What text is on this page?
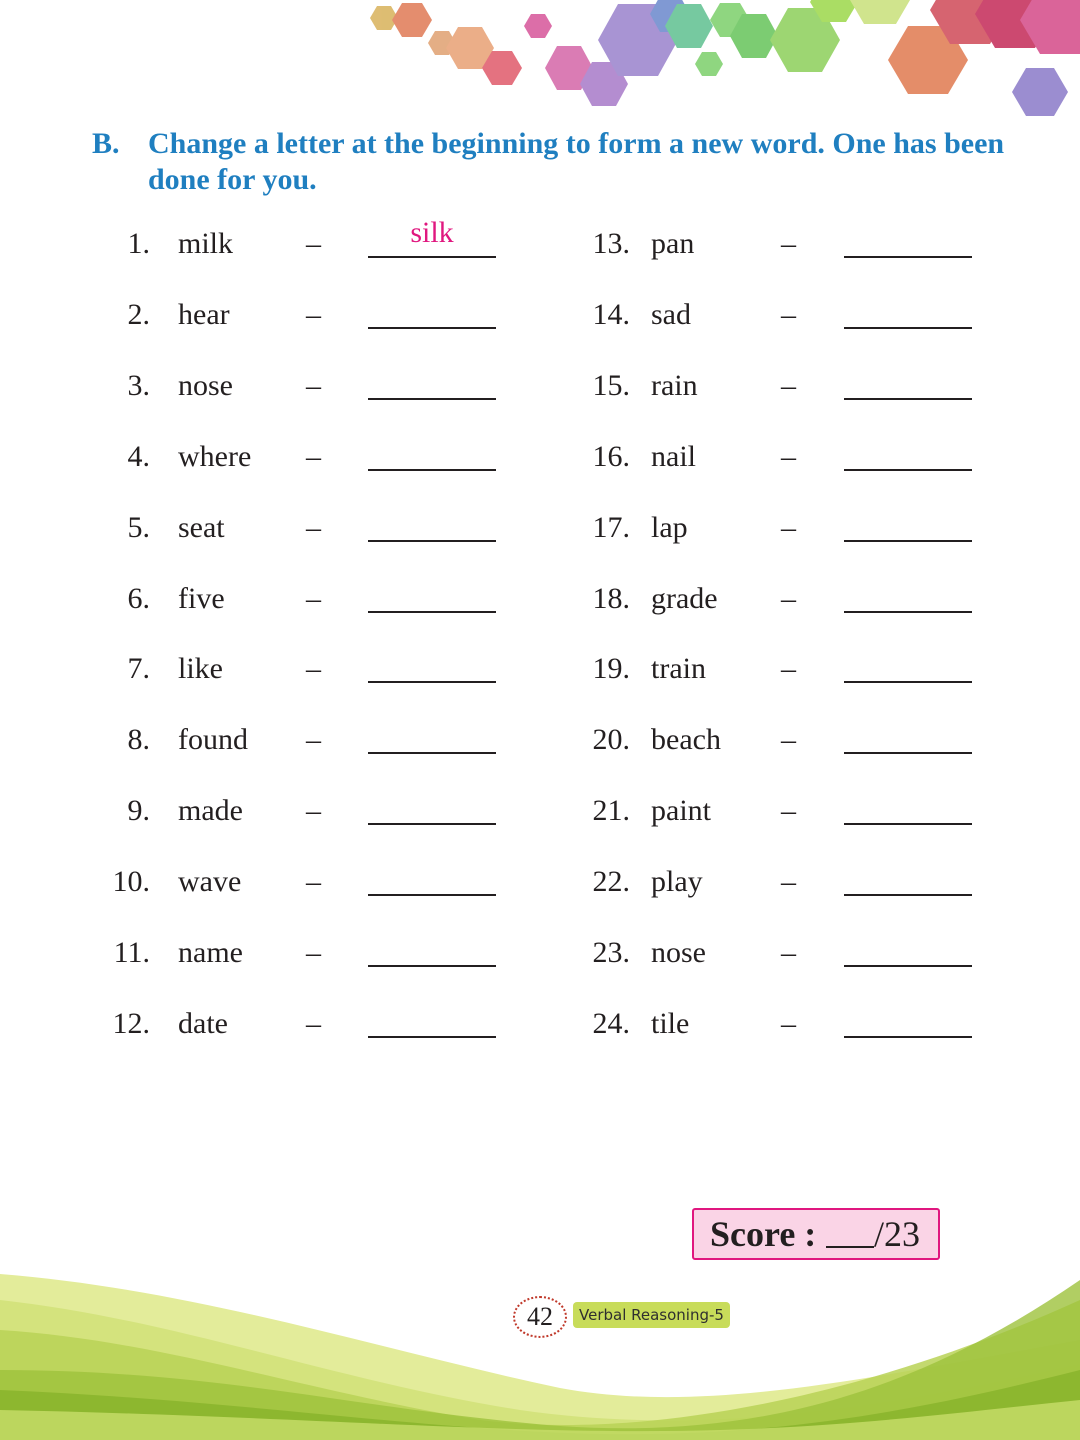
B. Change a letter at the beginning to form a new word. One has been done for you.
1. milk –	silk
2. hear	–
3. nose –
4. where –
5. seat	–
6. five	–
7. like	–
8. found –
9. made –
10. wave –
11. name –
12. date	–
13. pan	–
14. sad	–
15. rain	–
16. nail	–
17. lap	–
18. grade –
19. train	–
20. beach –
21. paint –
22. play	–
23. nose	–
24. tile	–
Score : /23
42	Verbal Reasoning-5
